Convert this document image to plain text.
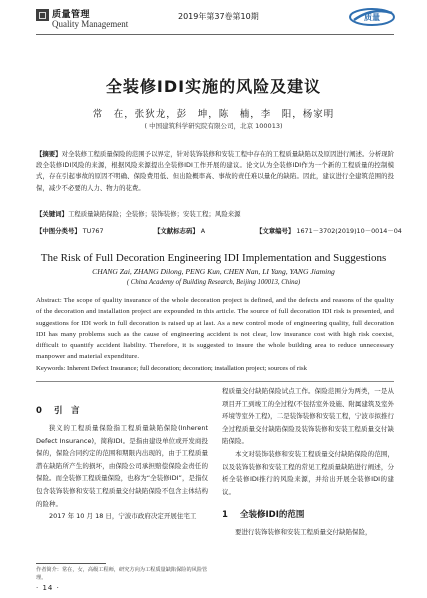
质量管理
Quality Management
2019年第37卷第10期	质量
全装修IDI实施的风险及建议
常　在，张狄龙，彭　坤，陈　楠，李　阳，杨家明
( 中国建筑科学研究院有限公司，北京 100013)
【摘要】对全装修工程质量保险的范围予以界定，针对装饰装修和安装工程中存在的工程质量缺陷以及原因进行阐述。分析现阶段全装修IDI风险的来源，根据风险来源提出全装修IDI工作开展的建议。论文认为全装修IDI作为一个新的工程质量的控制模式，存在引起事故的原因不明确、保险费用低、但出险概率高、事故的责任难以量化的缺陷。因此，建议进行全建筑范围的投保，减少不必要的人力、物力的花费。
【关键词】工程质量缺陷保险；全装修；装饰装修；安装工程；风险来源
【中图分类号】 TU767	【文献标志码】 A	【文章编号】 1671－3702(2019)10－0014－04
The Risk of Full Decoration Engineering IDI Implementation and Suggestions
CHANG Zai, ZHANG Dilong, PENG Kun, CHEN Nan, LI Yang, YANG Jiaming
( China Academy of Building Research, Beijing 100013, China)
Abstract: The scope of quality insurance of the whole decoration project is defined, and the defects and reasons of the quality of the decoration and installation project are expounded in this article. The source of full decoration IDI risk is presented, and suggestions for IDI work in full decoration is raised up at last. As a new control mode of engineering quality, full decoration IDI has many problems such as the cause of engineering accident is not clear, low insurance cost with high risk coexist, difficult to quantify accident liability. Therefore, it is suggested to insure the whole building area to reduce unnecessary manpower and material expenditure.
Keywords: Inherent Defect Insurance; full decoration; decoration; installation project; sources of risk
0 引　言

狭义的工程质量保险指工程质量缺陷保险(Inherent Defect Insurance)，简称IDI。是指由建设单位或开发商投保的，保险合同约定的范围和期限内出现的，由于工程质量潜在缺陷所产生的损坏，由保险公司承担赔偿保险金责任的保险。而全装修工程质量保险，也称为“全装修IDI”，是指仅包含装饰装修和安装工程质量交付缺陷保险不包含主体结构的险种。

2017 年 10 月 18 日，宁波市政府决定开展住宅工

程质量交付缺陷保险试点工作。保险范围分为两类，一是从项目开工到竣工的全过程(不包括室外设施、附属建筑及室外环境等室外工程)，二是装饰装修和安装工程，宁波市拟推行全过程质量交付缺陷保险及装饰装修和安装工程质量交付缺陷保险。

本文对装饰装修和安装工程质量交付缺陷保险的范围，以及装饰装修和安装工程的常见工程质量缺陷进行阐述，分析全装修IDI推行的风险来源，并给出开展全装修IDI的建议。

1 全装修IDI的范围

要进行装饰装修和安装工程质量交付缺陷保险，

作者简介：常在，女，高级工程师，研究方向为工程质量缺陷保险的风险管理。
· 14 ·
